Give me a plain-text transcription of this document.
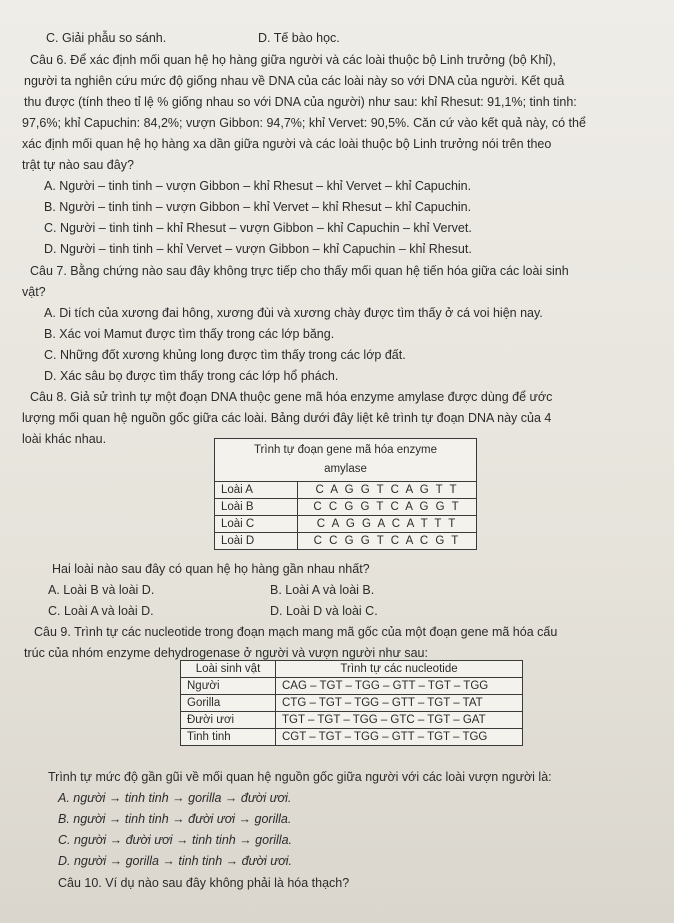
C. Giải phẫu so sánh.	D. Tế bào học.
Câu 6. Để xác định mối quan hệ họ hàng giữa người và các loài thuộc bộ Linh trưởng (bộ Khỉ),
người ta nghiên cứu mức độ giống nhau về DNA của các loài này so với DNA của người. Kết quả
thu được (tính theo tỉ lệ % giống nhau so với DNA của người) như sau: khỉ Rhesut: 91,1%; tinh tinh:
97,6%; khỉ Capuchin: 84,2%; vượn Gibbon: 94,7%; khỉ Vervet: 90,5%. Căn cứ vào kết quả này, có thể
xác định mối quan hệ họ hàng xa dần giữa người và các loài thuộc bộ Linh trưởng nói trên theo
trật tự nào sau đây?
A. Người – tinh tinh – vượn Gibbon – khỉ Rhesut – khỉ Vervet – khỉ Capuchin.
B. Người – tinh tinh – vượn Gibbon – khỉ Vervet – khỉ Rhesut – khỉ Capuchin.
C. Người – tinh tinh – khỉ Rhesut – vượn Gibbon – khỉ Capuchin – khỉ Vervet.
D. Người – tinh tinh – khỉ Vervet – vượn Gibbon – khỉ Capuchin – khỉ Rhesut.
Câu 7. Bằng chứng nào sau đây không trực tiếp cho thấy mối quan hệ tiến hóa giữa các loài sinh
vật?
A. Di tích của xương đai hông, xương đùi và xương chày được tìm thấy ở cá voi hiện nay.
B. Xác voi Mamut được tìm thấy trong các lớp băng.
C. Những đốt xương khủng long được tìm thấy trong các lớp đất.
D. Xác sâu bọ được tìm thấy trong các lớp hổ phách.
Câu 8. Giả sử trình tự một đoạn DNA thuộc gene mã hóa enzyme amylase được dùng để ước
lượng mối quan hệ nguồn gốc giữa các loài. Bảng dưới đây liệt kê trình tự đoạn DNA này của 4
loài khác nhau.
Trình tự đoạn gene mã hóa enzyme
amylase	
Loài A	C A G G T C A G T T
Loài B	C C G G T C A G G T
Loài C	C A G G A C A T T T
Loài D	C C G G T C A C G T
Hai loài nào sau đây có quan hệ họ hàng gần nhau nhất?
A. Loài B và loài D.	B. Loài A và loài B.
C. Loài A và loài D.	D. Loài D và loài C.
Câu 9. Trình tự các nucleotide trong đoạn mạch mang mã gốc của một đoạn gene mã hóa cấu
trúc của nhóm enzyme dehydrogenase ở người và vượn người như sau:
Loài sinh vật	Trình tự các nucleotide
Người	CAG – TGT – TGG – GTT – TGT – TGG
Gorilla	CTG – TGT – TGG – GTT – TGT – TAT
Đười ươi	TGT – TGT – TGG – GTC – TGT – GAT
Tinh tinh	CGT – TGT – TGG – GTT – TGT – TGG
Trình tự mức độ gần gũi về mối quan hệ nguồn gốc giữa người với các loài vượn người là:
A. người → tinh tinh → gorilla → đười ươi.
B. người → tinh tinh → đười ươi → gorilla.
C. người → đười ươi → tinh tinh → gorilla.
D. người → gorilla → tinh tinh → đười ươi.
Câu 10. Ví dụ nào sau đây không phải là hóa thạch?
